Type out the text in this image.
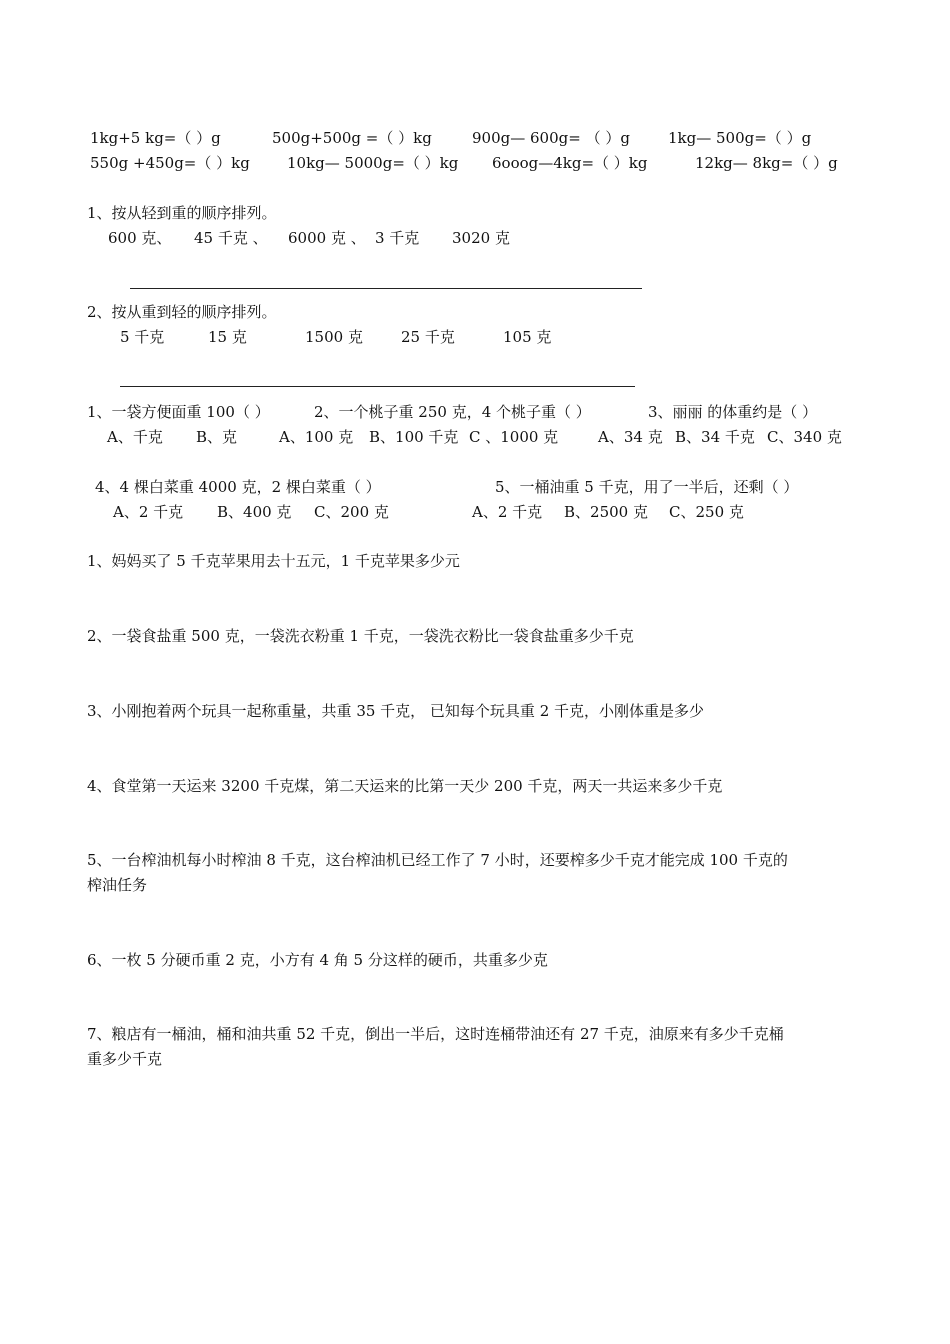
1kg+5 kg=（ ）g	500g+500g =（ ）kg	900g— 600g= （ ）g	1kg— 500g=（ ）g
550g +450g=（ ）kg 10kg— 5000g=（ ）kg 6ooog—4kg=（ ）kg	12kg— 8kg=（ ）g
1、按从轻到重的顺序排列。
600 克、 45 千克 、 6000 克 、 3 千克 3020 克
2、按从重到轻的顺序排列。
5 千克	15 克	1500 克	25 千克	105 克
1、一袋方便面重 100（ ）	2、一个桃子重 250 克，4 个桃子重（ ）	3、丽丽 的体重约是（ ）
A、千克 B、克	A、100 克 B、100 千克 C 、1000 克	A、34 克 B、34 千克 C、340 克
4、4 棵白菜重 4000 克，2 棵白菜重（ ）	5、一桶油重 5 千克，用了一半后，还剩（ ）
A、2 千克 B、400 克 C、200 克	A、2 千克 B、2500 克 C、250 克
1、妈妈买了 5 千克苹果用去十五元，1 千克苹果多少元
2、一袋食盐重 500 克，一袋洗衣粉重 1 千克，一袋洗衣粉比一袋食盐重多少千克
3、小刚抱着两个玩具一起称重量，共重 35 千克， 已知每个玩具重 2 千克，小刚体重是多少
4、食堂第一天运来 3200 千克煤，第二天运来的比第一天少 200 千克，两天一共运来多少千克
5、一台榨油机每小时榨油 8 千克，这台榨油机已经工作了 7 小时，还要榨多少千克才能完成 100 千克的
榨油任务
6、一枚 5 分硬币重 2 克，小方有 4 角 5 分这样的硬币，共重多少克
7、粮店有一桶油，桶和油共重 52 千克，倒出一半后，这时连桶带油还有 27 千克，油原来有多少千克桶
重多少千克
